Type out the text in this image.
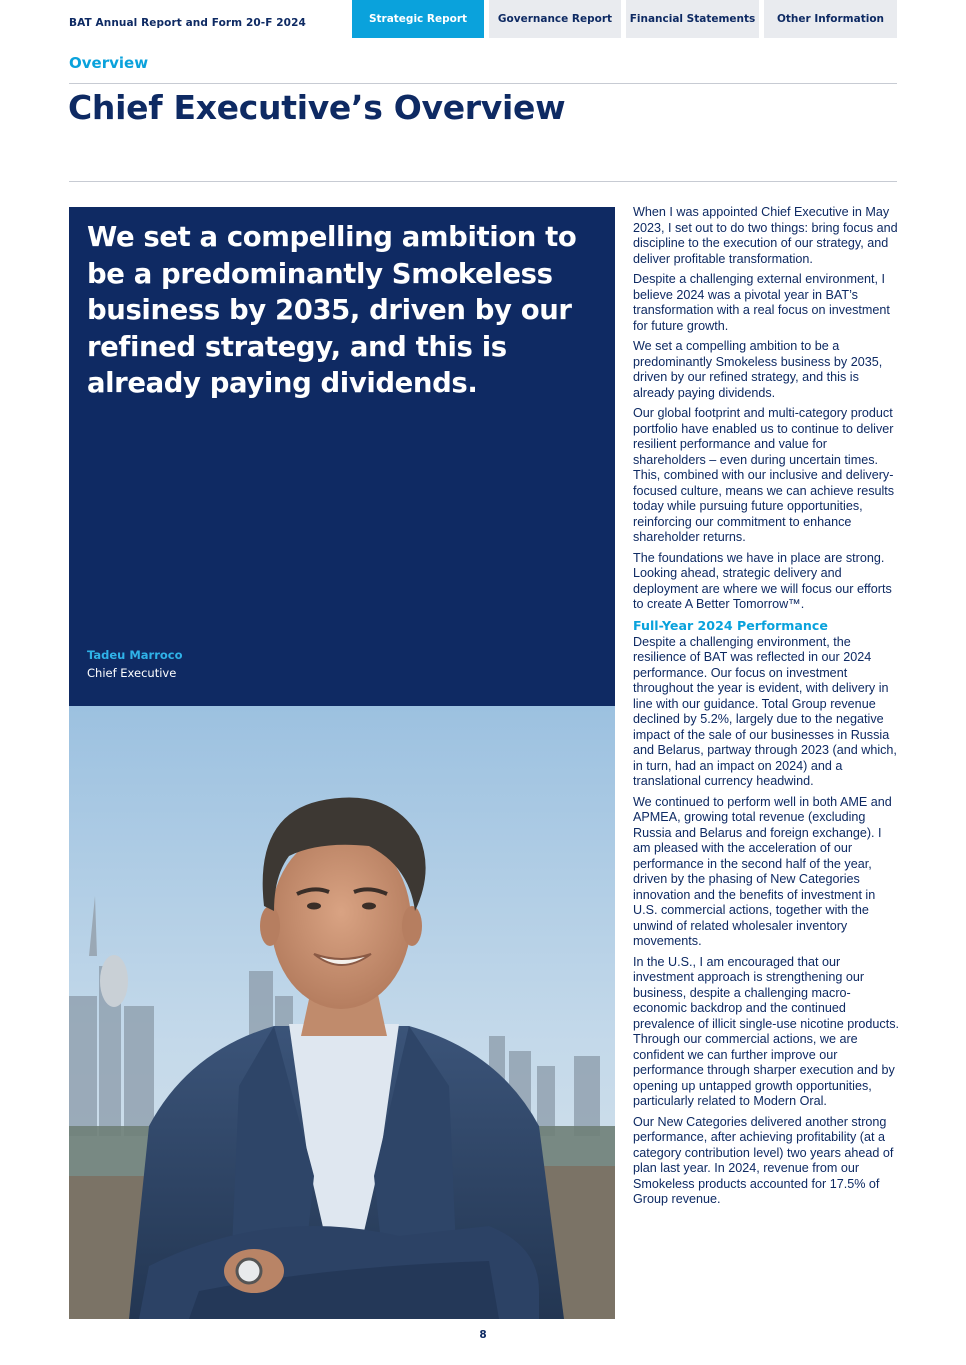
BAT Annual Report and Form 20-F 2024	Strategic Report	Governance Report	Financial Statements	Other Information
Overview
Chief Executive’s Overview
We set a compelling ambition to be a predominantly Smokeless business by 2035, driven by our refined strategy, and this is already paying dividends.
Tadeu Marroco
Chief Executive

When I was appointed Chief Executive in May 2023, I set out to do two things: bring focus and discipline to the execution of our strategy, and deliver profitable transformation.

Despite a challenging external environment, I believe 2024 was a pivotal year in BAT’s transformation with a real focus on investment for future growth.

We set a compelling ambition to be a predominantly Smokeless business by 2035, driven by our refined strategy, and this is already paying dividends.

Our global footprint and multi-category product portfolio have enabled us to continue to deliver resilient performance and value for shareholders – even during uncertain times. This, combined with our inclusive and delivery-focused culture, means we can achieve results today while pursuing future opportunities, reinforcing our commitment to enhance shareholder returns.

The foundations we have in place are strong. Looking ahead, strategic delivery and deployment are where we will focus our efforts to create A Better Tomorrow™.

Full-Year 2024 Performance

Despite a challenging environment, the resilience of BAT was reflected in our 2024 performance. Our focus on investment throughout the year is evident, with delivery in line with our guidance. Total Group revenue declined by 5.2%, largely due to the negative impact of the sale of our businesses in Russia and Belarus, partway through 2023 (and which, in turn, had an impact on 2024) and a translational currency headwind.

We continued to perform well in both AME and APMEA, growing total revenue (excluding Russia and Belarus and foreign exchange). I am pleased with the acceleration of our performance in the second half of the year, driven by the phasing of New Categories innovation and the benefits of investment in U.S. commercial actions, together with the unwind of related wholesaler inventory movements.

In the U.S., I am encouraged that our investment approach is strengthening our business, despite a challenging macro-economic backdrop and the continued prevalence of illicit single-use nicotine products. Through our commercial actions, we are confident we can further improve our performance through sharper execution and by opening up untapped growth opportunities, particularly related to Modern Oral.

Our New Categories delivered another strong performance, after achieving profitability (at a category contribution level) two years ahead of plan last year. In 2024, revenue from our Smokeless products accounted for 17.5% of Group revenue.

8
